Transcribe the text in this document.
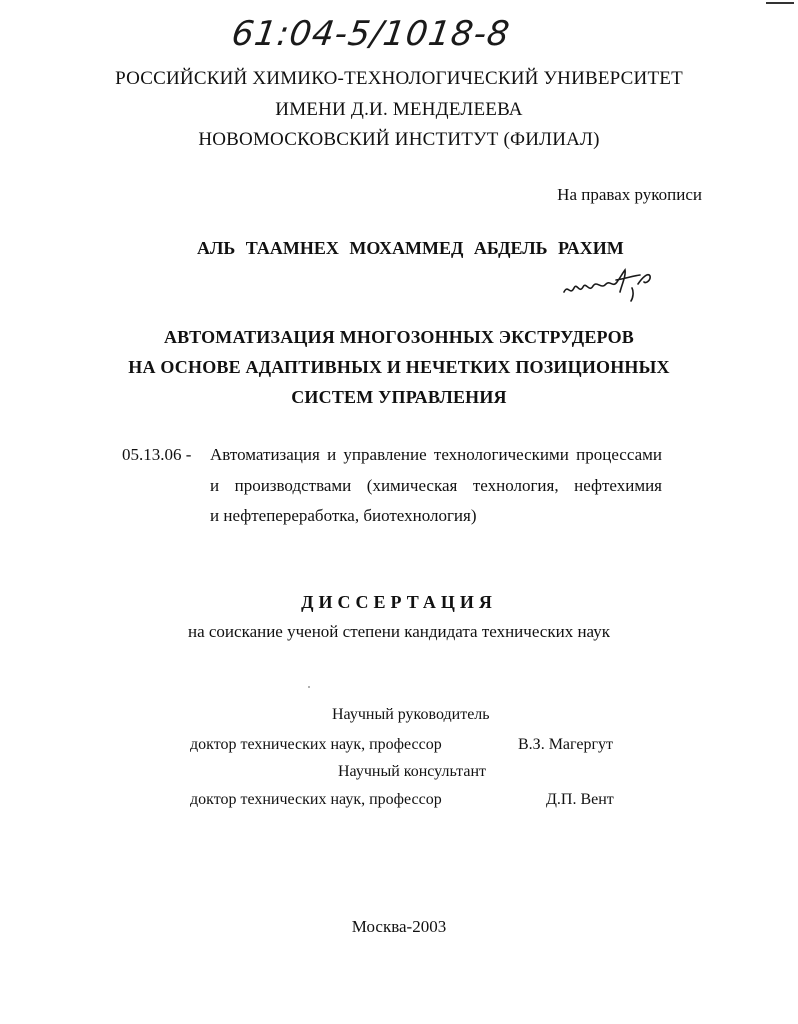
61:04-5/1018-8
РОССИЙСКИЙ ХИМИКО-ТЕХНОЛОГИЧЕСКИЙ УНИВЕРСИТЕТ
ИМЕНИ Д.И. МЕНДЕЛЕЕВА
НОВОМОСКОВСКИЙ ИНСТИТУТ (ФИЛИАЛ)
На правах рукописи
АЛЬ ТААМНЕХ МОХАММЕД АБДЕЛЬ РАХИМ
АВТОМАТИЗАЦИЯ МНОГОЗОННЫХ ЭКСТРУДЕРОВ
НА ОСНОВЕ АДАПТИВНЫХ И НЕЧЕТКИХ ПОЗИЦИОННЫХ
СИСТЕМ УПРАВЛЕНИЯ
05.13.06 - Автоматизация и управление технологическими процессами
и производствами (химическая технология, нефтехимия
и нефтепереработка, биотехнология)
ДИССЕРТАЦИЯ
на соискание ученой степени кандидата технических наук
Научный руководитель
доктор технических наук, профессор	В.З. Магергут
Научный консультант
доктор технических наук, профессор	Д.П. Вент
Москва-2003
